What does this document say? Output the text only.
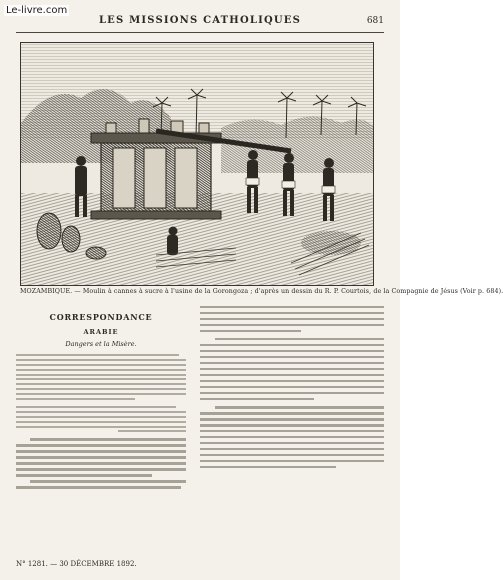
Le-livre.com
LES MISSIONS CATHOLIQUES	681
MOZAMBIQUE. — Moulin à cannes à sucre à l'usine de la Gorongoza ; d'après un dessin du R. P. Courtois, de la Compagnie de Jésus (Voir p. 684).
CORRESPONDANCE
ARABIE
Dangers et la Misère.
N° 1281. — 30 DÉCEMBRE 1892.
